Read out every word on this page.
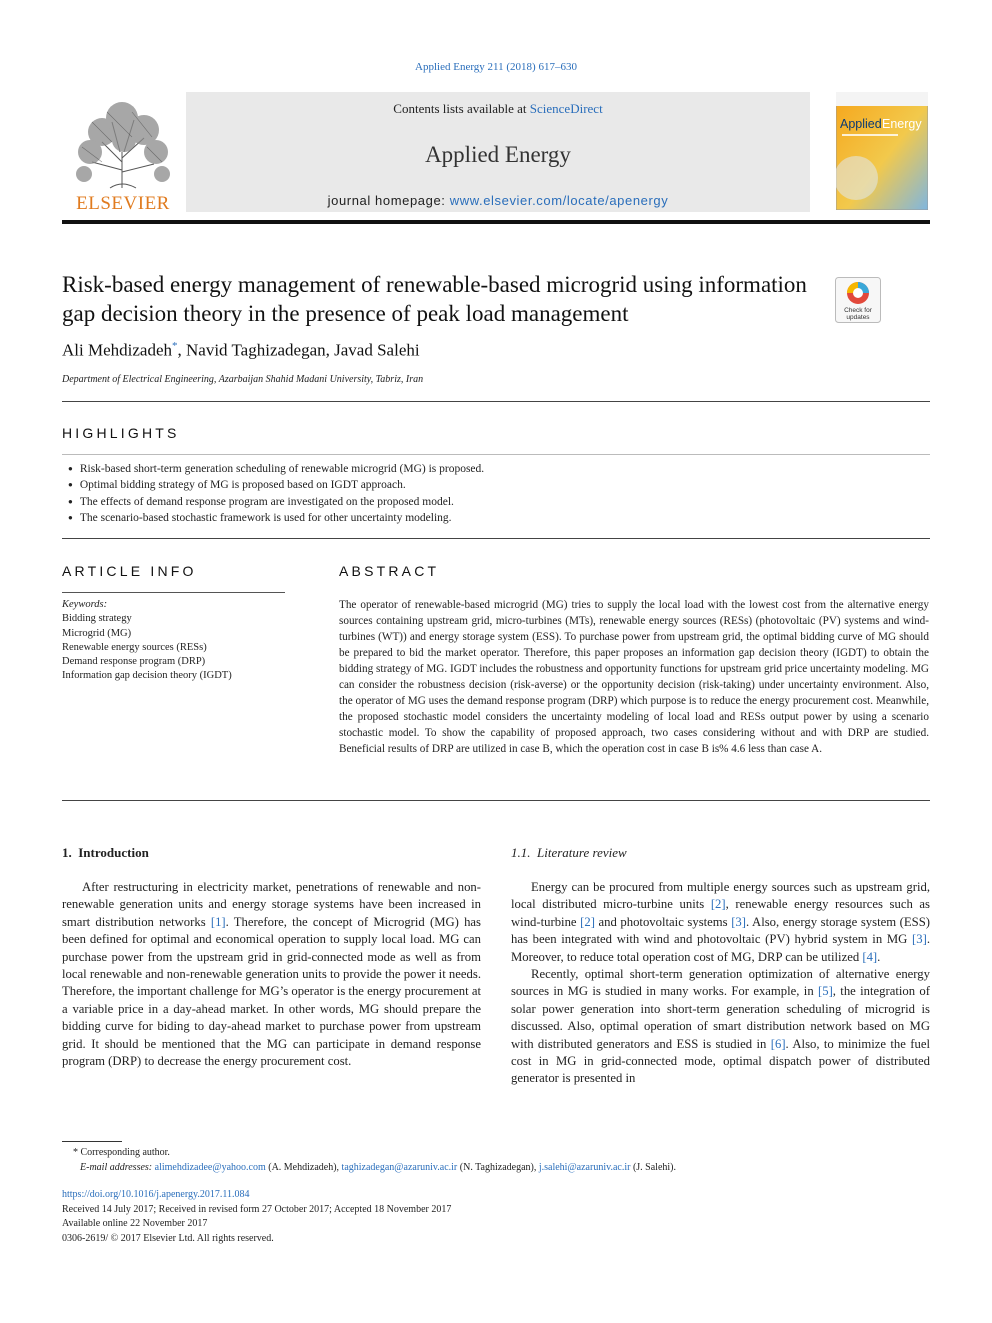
Applied Energy 211 (2018) 617–630
ELSEVIER
Contents lists available at ScienceDirect
Applied Energy
journal homepage: www.elsevier.com/locate/apenergy
Applied Energy
Risk-based energy management of renewable-based microgrid using information gap decision theory in the presence of peak load management	Check for
updates
Ali Mehdizadeh*, Navid Taghizadegan, Javad Salehi
Department of Electrical Engineering, Azarbaijan Shahid Madani University, Tabriz, Iran
HIGHLIGHTS
● Risk-based short-term generation scheduling of renewable microgrid (MG) is proposed.
● Optimal bidding strategy of MG is proposed based on IGDT approach.
● The effects of demand response program are investigated on the proposed model.
● The scenario-based stochastic framework is used for other uncertainty modeling.
ARTICLE INFO
Keywords:
Bidding strategy
Microgrid (MG)
Renewable energy sources (RESs)
Demand response program (DRP)
Information gap decision theory (IGDT)
ABSTRACT
The operator of renewable-based microgrid (MG) tries to supply the local load with the lowest cost from the alternative energy sources containing upstream grid, micro-turbines (MTs), renewable energy sources (RESs) (photovoltaic (PV) systems and wind-turbines (WT)) and energy storage system (ESS). To purchase power from upstream grid, the optimal bidding curve of MG should be prepared to bid the market operator. Therefore, this paper proposes an information gap decision theory (IGDT) to obtain the bidding strategy of MG. IGDT includes the robustness and opportunity functions for upstream grid price uncertainty modeling. MG can consider the robustness decision (risk-averse) or the opportunity decision (risk-taking) under uncertainty environment. Also, the operator of MG uses the demand response program (DRP) which purpose is to reduce the energy procurement cost. Meanwhile, the proposed stochastic model considers the uncertainty modeling of local load and RESs output power by using a scenario stochastic model. To show the capability of proposed approach, two cases considering without and with DRP are studied. Beneficial results of DRP are utilized in case B, which the operation cost in case B is% 4.6 less than case A.
1. Introduction

After restructuring in electricity market, penetrations of renewable and non-renewable generation units and energy storage systems have been increased in smart distribution networks [1]. Therefore, the concept of Microgrid (MG) has been defined for optimal and economical operation to supply local load. MG can purchase power from the upstream grid in grid-connected mode as well as from local renewable and non-renewable generation units to provide the power it needs. Therefore, the important challenge for MG’s operator is the energy procurement at a variable price in a day-ahead market. In other words, MG should prepare the bidding curve for biding to day-ahead market to purchase power from upstream grid. It should be mentioned that the MG can participate in demand response program (DRP) to decrease the energy procurement cost.

1.1. Literature review

Energy can be procured from multiple energy sources such as upstream grid, local distributed micro-turbine units [2], renewable energy resources such as wind-turbine [2] and photovoltaic systems [3]. Also, energy storage system (ESS) has been integrated with wind and photovoltaic (PV) hybrid system in MG [3]. Moreover, to reduce total operation cost of MG, DRP can be utilized [4].

Recently, optimal short-term generation optimization of alternative energy sources in MG is studied in many works. For example, in [5], the integration of solar power generation into short-term generation scheduling of microgrid is discussed. Also, optimal operation of smart distribution network based on MG with distributed generators and ESS is studied in [6]. Also, to minimize the fuel cost in MG in grid-connected mode, optimal dispatch power of distributed generator is presented in

* Corresponding author.
E-mail addresses: alimehdizadee@yahoo.com (A. Mehdizadeh), taghizadegan@azaruniv.ac.ir (N. Taghizadegan), j.salehi@azaruniv.ac.ir (J. Salehi).
https://doi.org/10.1016/j.apenergy.2017.11.084
Received 14 July 2017; Received in revised form 27 October 2017; Accepted 18 November 2017
Available online 22 November 2017
0306-2619/ © 2017 Elsevier Ltd. All rights reserved.
